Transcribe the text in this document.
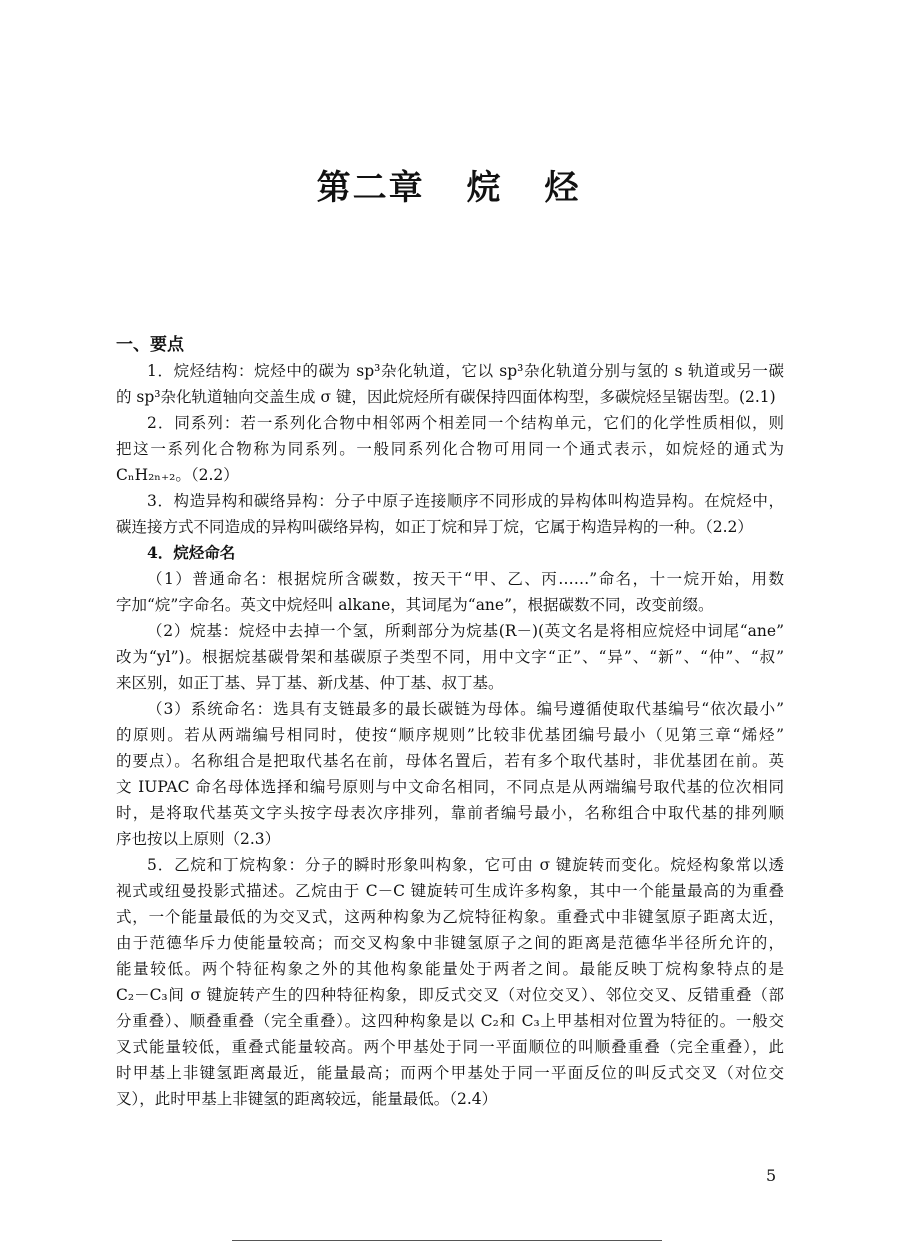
第二章 烷 烃
一、要点
1．烷烃结构：烷烃中的碳为 sp³杂化轨道，它以 sp³杂化轨道分别与氢的 s 轨道或另一碳
的 sp³杂化轨道轴向交盖生成 σ 键，因此烷烃所有碳保持四面体构型，多碳烷烃呈锯齿型。(2.1)
2．同系列：若一系列化合物中相邻两个相差同一个结构单元，它们的化学性质相似，则
把这一系列化合物称为同系列。一般同系列化合物可用同一个通式表示，如烷烃的通式为
CₙH₂ₙ₊₂。（2.2）
3．构造异构和碳络异构：分子中原子连接顺序不同形成的异构体叫构造异构。在烷烃中，
碳连接方式不同造成的异构叫碳络异构，如正丁烷和异丁烷，它属于构造异构的一种。（2.2）
4．烷烃命名
（1）普通命名：根据烷所含碳数，按天干“甲、乙、丙……”命名，十一烷开始，用数
字加“烷”字命名。英文中烷烃叫 alkane，其词尾为“ane”，根据碳数不同，改变前缀。
（2）烷基：烷烃中去掉一个氢，所剩部分为烷基(R－)(英文名是将相应烷烃中词尾“ane”
改为“yl”)。根据烷基碳骨架和基碳原子类型不同，用中文字“正”、“异”、“新”、“仲”、“叔”
来区别，如正丁基、异丁基、新戊基、仲丁基、叔丁基。
（3）系统命名：选具有支链最多的最长碳链为母体。编号遵循使取代基编号“依次最小”
的原则。若从两端编号相同时，使按“顺序规则”比较非优基团编号最小（见第三章“烯烃”
的要点）。名称组合是把取代基名在前，母体名置后，若有多个取代基时，非优基团在前。英
文 IUPAC 命名母体选择和编号原则与中文命名相同，不同点是从两端编号取代基的位次相同
时，是将取代基英文字头按字母表次序排列，靠前者编号最小，名称组合中取代基的排列顺
序也按以上原则（2.3）
5．乙烷和丁烷构象：分子的瞬时形象叫构象，它可由 σ 键旋转而变化。烷烃构象常以透
视式或纽曼投影式描述。乙烷由于 C－C 键旋转可生成许多构象，其中一个能量最高的为重叠
式，一个能量最低的为交叉式，这两种构象为乙烷特征构象。重叠式中非键氢原子距离太近，
由于范德华斥力使能量较高；而交叉构象中非键氢原子之间的距离是范德华半径所允许的，
能量较低。两个特征构象之外的其他构象能量处于两者之间。最能反映丁烷构象特点的是
C₂－C₃间 σ 键旋转产生的四种特征构象，即反式交叉（对位交叉）、邻位交叉、反错重叠（部
分重叠）、顺叠重叠（完全重叠）。这四种构象是以 C₂和 C₃上甲基相对位置为特征的。一般交
叉式能量较低，重叠式能量较高。两个甲基处于同一平面顺位的叫顺叠重叠（完全重叠），此
时甲基上非键氢距离最近，能量最高；而两个甲基处于同一平面反位的叫反式交叉（对位交
叉），此时甲基上非键氢的距离较远，能量最低。（2.4）
5
